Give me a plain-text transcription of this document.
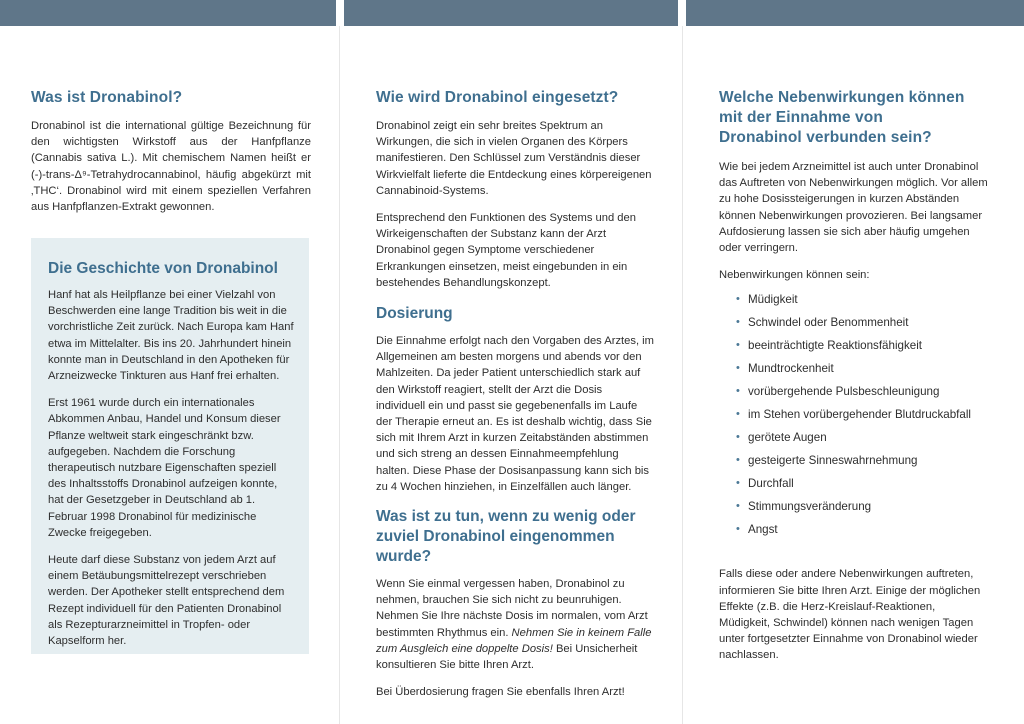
Was ist Dronabinol?

Dronabinol ist die international gültige Bezeichnung für den wichtigsten Wirkstoff aus der Hanfpflanze (Cannabis sativa L.). Mit chemischem Namen heißt er (-)-trans-Δ⁹-Tetrahydrocannabinol, häufig abgekürzt mit ‚THC‘. Dronabinol wird mit einem speziellen Verfahren aus Hanfpflanzen-Extrakt gewonnen.

Die Geschichte von Dronabinol

Hanf hat als Heilpflanze bei einer Vielzahl von Beschwerden eine lange Tradition bis weit in die vorchristliche Zeit zurück. Nach Europa kam Hanf etwa im Mittelalter. Bis ins 20. Jahrhundert hinein konnte man in Deutschland in den Apotheken für Arzneizwecke Tinkturen aus Hanf frei erhalten.

Erst 1961 wurde durch ein internationales Abkommen Anbau, Handel und Konsum dieser Pflanze weltweit stark eingeschränkt bzw. aufgegeben. Nachdem die Forschung therapeutisch nutzbare Eigenschaften speziell des Inhaltsstoffs Dronabinol aufzeigen konnte, hat der Gesetzgeber in Deutschland ab 1. Februar 1998 Dronabinol für medizinische Zwecke freigegeben.

Heute darf diese Substanz von jedem Arzt auf einem Betäubungsmittelrezept verschrieben werden. Der Apotheker stellt entsprechend dem Rezept individuell für den Patienten Dronabinol als Rezepturarzneimittel in Tropfen- oder Kapselform her.

Wie wird Dronabinol eingesetzt?

Dronabinol zeigt ein sehr breites Spektrum an Wirkungen, die sich in vielen Organen des Körpers manifestieren. Den Schlüssel zum Verständnis dieser Wirkvielfalt lieferte die Entdeckung eines körpereigenen Cannabinoid-Systems.

Entsprechend den Funktionen des Systems und den Wirkeigenschaften der Substanz kann der Arzt Dronabinol gegen Symptome verschiedener Erkrankungen einsetzen, meist eingebunden in ein bestehendes Behandlungskonzept.

Dosierung

Die Einnahme erfolgt nach den Vorgaben des Arztes, im Allgemeinen am besten morgens und abends vor den Mahlzeiten. Da jeder Patient unterschiedlich stark auf den Wirkstoff reagiert, stellt der Arzt die Dosis individuell ein und passt sie gegebenenfalls im Laufe der Therapie erneut an. Es ist deshalb wichtig, dass Sie sich mit Ihrem Arzt in kurzen Zeitabständen abstimmen und sich streng an dessen Einnahmeempfehlung halten. Diese Phase der Dosisanpassung kann sich bis zu 4 Wochen hinziehen, in Einzelfällen auch länger.

Was ist zu tun, wenn zu wenig oder zuviel Dronabinol eingenommen wurde?

Wenn Sie einmal vergessen haben, Dronabinol zu nehmen, brauchen Sie sich nicht zu beunruhigen. Nehmen Sie Ihre nächste Dosis im normalen, vom Arzt bestimmten Rhythmus ein. Nehmen Sie in keinem Falle zum Ausgleich eine doppelte Dosis! Bei Unsicherheit konsultieren Sie bitte Ihren Arzt.

Bei Überdosierung fragen Sie ebenfalls Ihren Arzt!

Welche Nebenwirkungen können mit der Einnahme von Dronabinol verbunden sein?

Wie bei jedem Arzneimittel ist auch unter Dronabinol das Auftreten von Nebenwirkungen möglich. Vor allem zu hohe Dosissteigerungen in kurzen Abständen können Nebenwirkungen provozieren. Bei langsamer Aufdosierung lassen sie sich aber häufig umgehen oder verringern.

Nebenwirkungen können sein:

• Müdigkeit
• Schwindel oder Benommenheit
• beeinträchtigte Reaktionsfähigkeit
• Mundtrockenheit
• vorübergehende Pulsbeschleunigung
• im Stehen vorübergehender Blutdruckabfall
• gerötete Augen
• gesteigerte Sinneswahrnehmung
• Durchfall
• Stimmungsveränderung
• Angst

Falls diese oder andere Nebenwirkungen auftreten, informieren Sie bitte Ihren Arzt. Einige der möglichen Effekte (z.B. die Herz-Kreislauf-Reaktionen, Müdigkeit, Schwindel) können nach wenigen Tagen unter fortgesetzter Einnahme von Dronabinol wieder nachlassen.
